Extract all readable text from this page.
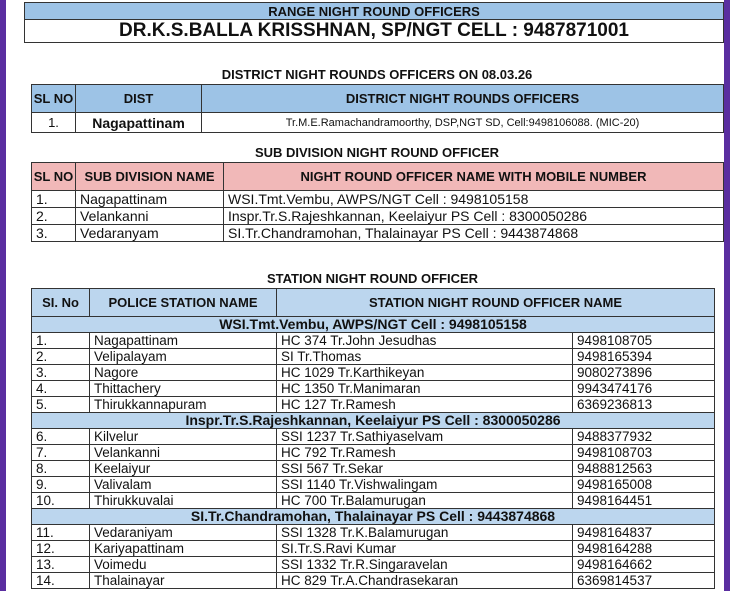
RANGE NIGHT ROUND OFFICERS
DR.K.S.BALLA KRISSHNAN, SP/NGT CELL : 9487871001
DISTRICT NIGHT ROUNDS OFFICERS ON 08.03.26
SL NO	DIST	DISTRICT NIGHT ROUNDS OFFICERS
1.	Nagapattinam	Tr.M.E.Ramachandramoorthy, DSP,NGT SD, Cell:9498106088. (MIC-20)
SUB DIVISION NIGHT ROUND OFFICER
SL NO	SUB DIVISION NAME	NIGHT ROUND OFFICER NAME WITH MOBILE NUMBER
1.	Nagapattinam	WSI.Tmt.Vembu, AWPS/NGT Cell : 9498105158
2.	Velankanni	Inspr.Tr.S.Rajeshkannan, Keelaiyur PS Cell : 8300050286
3.	Vedaranyam	SI.Tr.Chandramohan, Thalainayar PS Cell : 9443874868
STATION NIGHT ROUND OFFICER
SI. No	POLICE STATION NAME	STATION NIGHT ROUND OFFICER NAME	
WSI.Tmt.Vembu, AWPS/NGT Cell : 9498105158			
1.	Nagapattinam	HC 374 Tr.John Jesudhas	9498108705
2.	Velipalayam	SI Tr.Thomas	9498165394
3.	Nagore	HC 1029 Tr.Karthikeyan	9080273896
4.	Thittachery	HC 1350 Tr.Manimaran	9943474176
5.	Thirukkannapuram	HC 127 Tr.Ramesh	6369236813
Inspr.Tr.S.Rajeshkannan, Keelaiyur PS Cell : 8300050286			
6.	Kilvelur	SSI 1237 Tr.Sathiyaselvam	9488377932
7.	Velankanni	HC 792 Tr.Ramesh	9498108703
8.	Keelaiyur	SSI 567 Tr.Sekar	9488812563
9.	Valivalam	SSI 1140 Tr.Vishwalingam	9498165008
10.	Thirukkuvalai	HC 700 Tr.Balamurugan	9498164451
SI.Tr.Chandramohan, Thalainayar PS Cell : 9443874868			
11.	Vedaraniyam	SSI 1328 Tr.K.Balamurugan	9498164837
12.	Kariyapattinam	SI.Tr.S.Ravi Kumar	9498164288
13.	Voimedu	SSI 1332 Tr.R.Singaravelan	9498164662
14.	Thalainayar	HC 829 Tr.A.Chandrasekaran	6369814537
